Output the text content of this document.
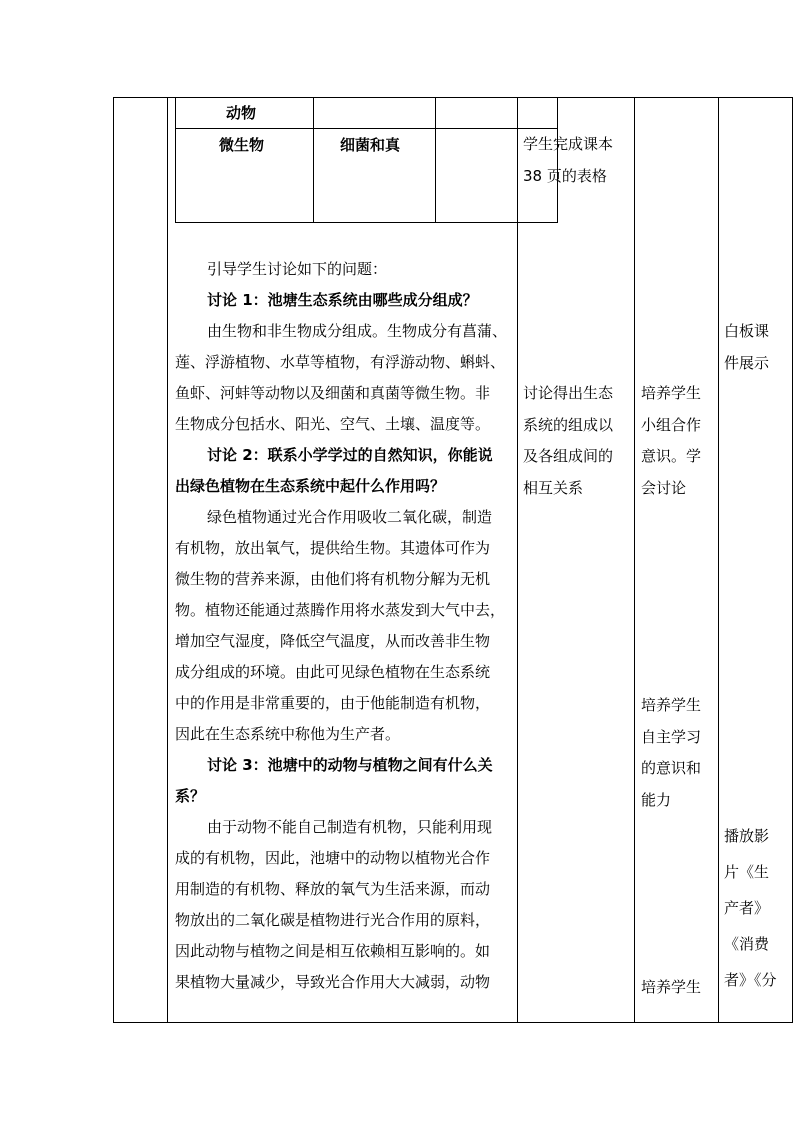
动物
微生物	细菌和真	学生完成课本
38 页的表格
引导学生讨论如下的问题：
讨论 1：池塘生态系统由哪些成分组成？
由生物和非生物成分组成。生物成分有菖蒲、
莲、浮游植物、水草等植物，有浮游动物、蝌蚪、
鱼虾、河蚌等动物以及细菌和真菌等微生物。非
生物成分包括水、阳光、空气、土壤、温度等。
讨论 2：联系小学学过的自然知识，你能说
出绿色植物在生态系统中起什么作用吗？
绿色植物通过光合作用吸收二氧化碳，制造
有机物，放出氧气，提供给生物。其遗体可作为
微生物的营养来源，由他们将有机物分解为无机
物。植物还能通过蒸腾作用将水蒸发到大气中去，
增加空气湿度，降低空气温度，从而改善非生物
成分组成的环境。由此可见绿色植物在生态系统
中的作用是非常重要的，由于他能制造有机物，
因此在生态系统中称他为生产者。
讨论 3：池塘中的动物与植物之间有什么关
系？
由于动物不能自己制造有机物，只能利用现
成的有机物，因此，池塘中的动物以植物光合作
用制造的有机物、释放的氧气为生活来源，而动
物放出的二氧化碳是植物进行光合作用的原料，
因此动物与植物之间是相互依赖相互影响的。如
果植物大量减少，导致光合作用大大减弱，动物
讨论得出生态
系统的组成以
及各组成间的
相互关系
培养学生
小组合作
意识。学
会讨论
培养学生
自主学习
的意识和
能力
培养学生
白板课
件展示
播放影
片《生
产者》
《消费
者》《分
